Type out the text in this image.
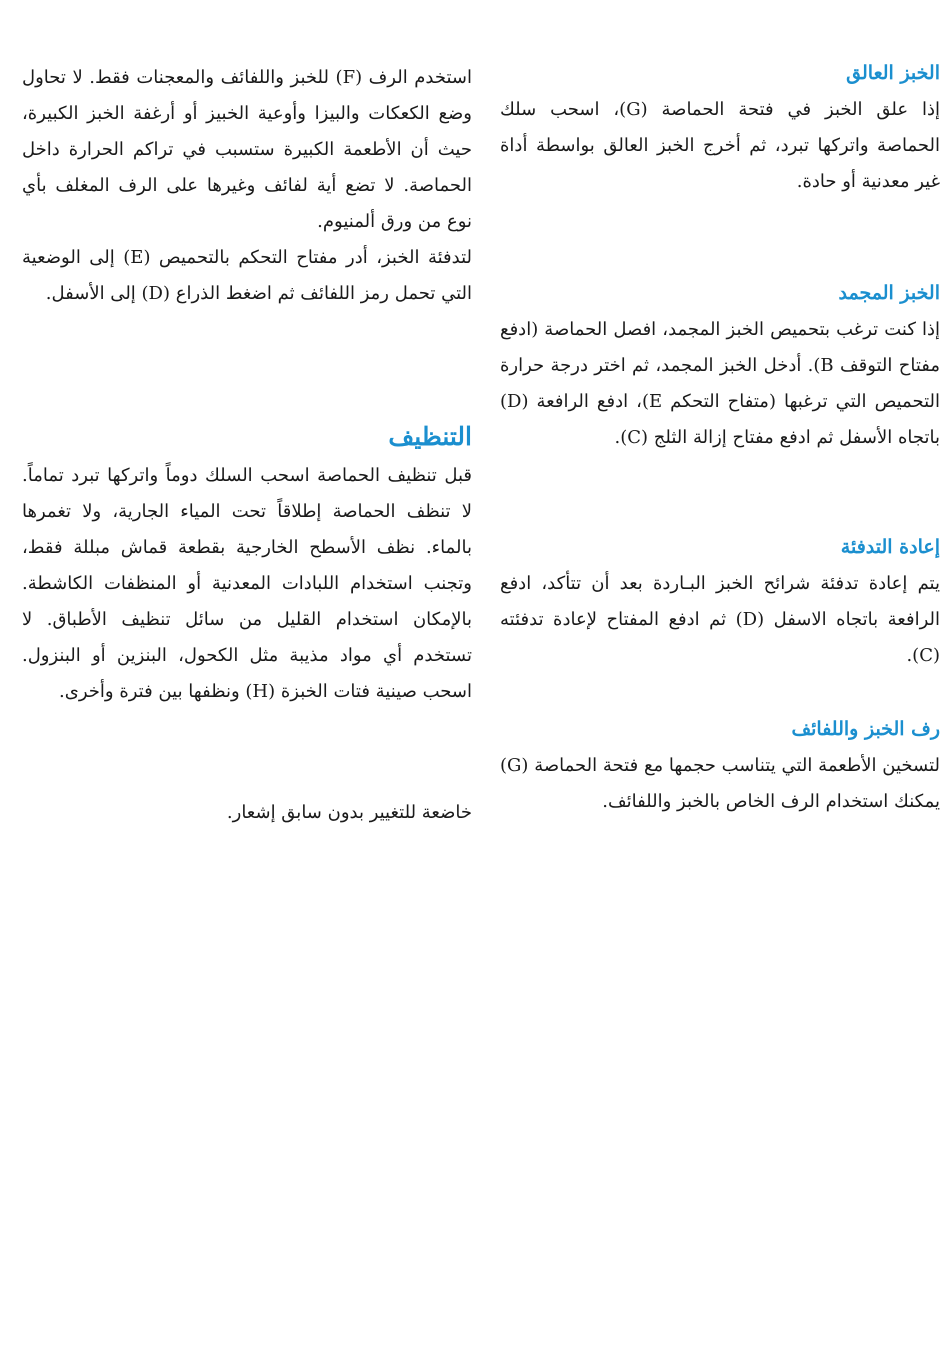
الخبز العالق

إذا علق الخبز في فتحة الحماصة (G)، اسحب سلك الحماصة واتركها تبرد، ثم أخرج الخبز العالق بواسطة أداة غير معدنية أو حادة.

الخبز المجمد

إذا كنت ترغب بتحميص الخبز المجمد، افصل الحماصة (ادفع مفتاح التوقف B). أدخل الخبز المجمد، ثم اختر درجة حرارة التحميص التي ترغبها (متفاح التحكم E)، ادفع الرافعة (D) باتجاه الأسفل ثم ادفع مفتاح إزالة الثلج (C).

إعادة التدفئة

يتم إعادة تدفئة شرائح الخبز البـاردة بعد أن تتأكد، ادفع الرافعة باتجاه الاسفل (D) ثم ادفع المفتاح لإعادة تدفئته (C).

رف الخبز واللفائف

لتسخين الأطعمة التي يتناسب حجمها مع فتحة الحماصة (G) يمكنك استخدام الرف الخاص بالخبز واللفائف.

استخدم الرف (F) للخبز واللفائف والمعجنات فقط. لا تحاول وضع الكعكات والبيزا وأوعية الخبيز أو أرغفة الخبز الكبيرة، حيث أن الأطعمة الكبيرة ستسبب في تراكم الحرارة داخل الحماصة. لا تضع أية لفائف وغيرها على الرف المغلف بأي نوع من ورق ألمنيوم.

لتدفئة الخبز، أدر مفتاح التحكم بالتحميص (E) إلى الوضعية التي تحمل رمز اللفائف ثم اضغط الذراع (D) إلى الأسفل.

التنظيف

قبل تنظيف الحماصة اسحب السلك دوماً واتركها تبرد تماماً. لا تنظف الحماصة إطلاقاً تحت المياء الجارية، ولا تغمرها بالماء. نظف الأسطح الخارجية بقطعة قماش مبللة فقط، وتجنب استخدام اللبادات المعدنية أو المنظفات الكاشطة. بالإمكان استخدام القليل من سائل تنظيف الأطباق. لا تستخدم أي مواد مذيبة مثل الكحول، البنزين أو البنزول. اسحب صينية فتات الخبزة (H) ونظفها بين فترة وأخرى.

خاضعة للتغيير بدون سابق إشعار.
